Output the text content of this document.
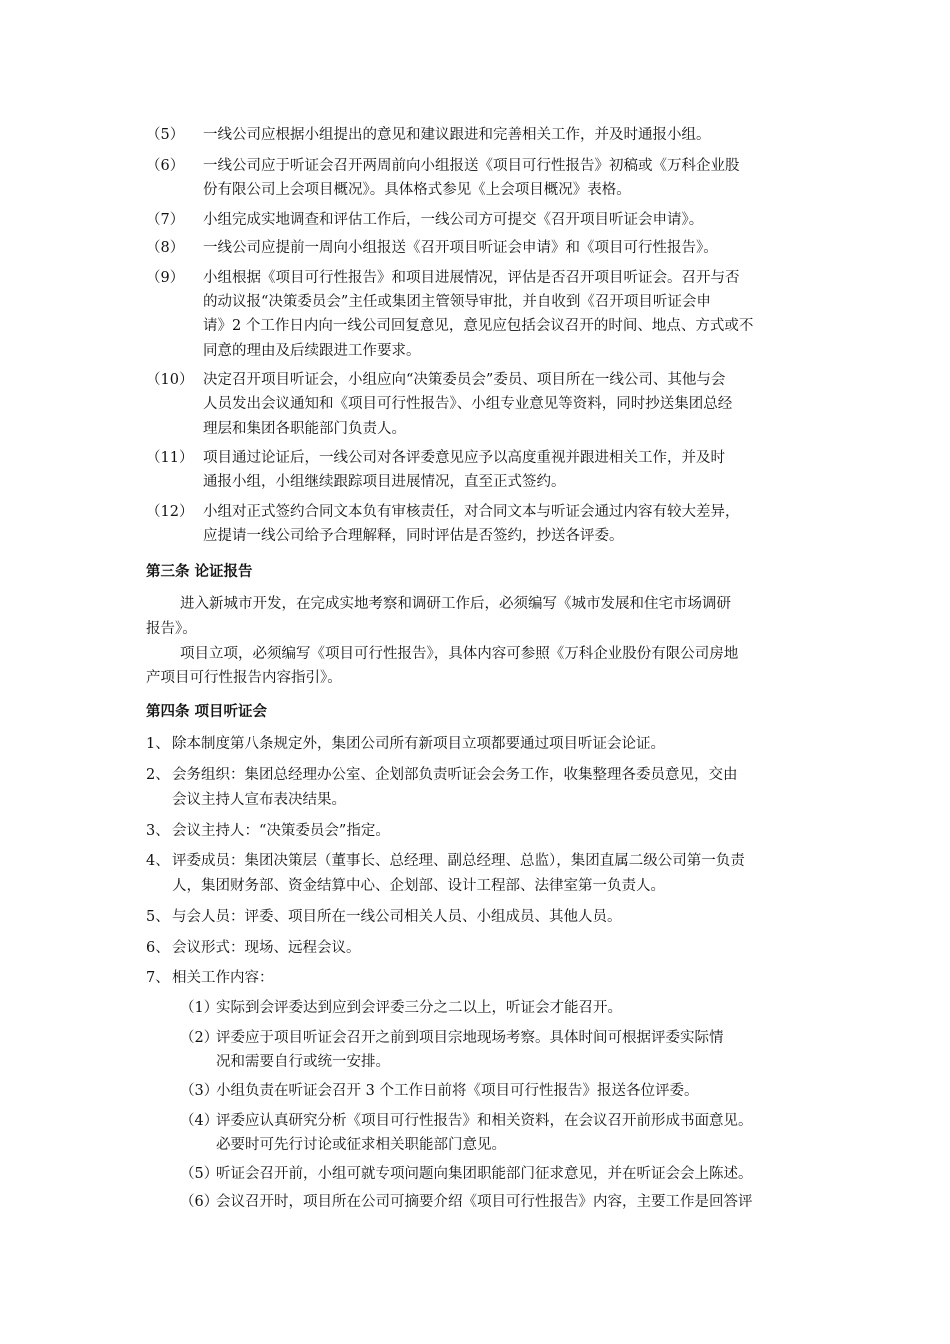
（5） 一线公司应根据小组提出的意见和建议跟进和完善相关工作，并及时通报小组。
（6） 一线公司应于听证会召开两周前向小组报送《项目可行性报告》初稿或《万科企业股
份有限公司上会项目概况》。具体格式参见《上会项目概况》表格。
（7） 小组完成实地调查和评估工作后，一线公司方可提交《召开项目听证会申请》。
（8） 一线公司应提前一周向小组报送《召开项目听证会申请》和《项目可行性报告》。
（9） 小组根据《项目可行性报告》和项目进展情况，评估是否召开项目听证会。召开与否
的动议报“决策委员会”主任或集团主管领导审批，并自收到《召开项目听证会申
请》2 个工作日内向一线公司回复意见，意见应包括会议召开的时间、地点、方式或不
同意的理由及后续跟进工作要求。
（10） 决定召开项目听证会，小组应向“决策委员会”委员、项目所在一线公司、其他与会
人员发出会议通知和《项目可行性报告》、小组专业意见等资料，同时抄送集团总经
理层和集团各职能部门负责人。
（11） 项目通过论证后，一线公司对各评委意见应予以高度重视并跟进相关工作，并及时
通报小组，小组继续跟踪项目进展情况，直至正式签约。
（12） 小组对正式签约合同文本负有审核责任，对合同文本与听证会通过内容有较大差异，
应提请一线公司给予合理解释，同时评估是否签约，抄送各评委。
第三条 论证报告
进入新城市开发，在完成实地考察和调研工作后，必须编写《城市发展和住宅市场调研
报告》。
项目立项，必须编写《项目可行性报告》，具体内容可参照《万科企业股份有限公司房地
产项目可行性报告内容指引》。
第四条 项目听证会
1、 除本制度第八条规定外，集团公司所有新项目立项都要通过项目听证会论证。
2、 会务组织：集团总经理办公室、企划部负责听证会会务工作，收集整理各委员意见，交由
会议主持人宣布表决结果。
3、 会议主持人：“决策委员会”指定。
4、 评委成员：集团决策层（董事长、总经理、副总经理、总监），集团直属二级公司第一负责
人，集团财务部、资金结算中心、企划部、设计工程部、法律室第一负责人。
5、 与会人员：评委、项目所在一线公司相关人员、小组成员、其他人员。
6、 会议形式：现场、远程会议。
7、 相关工作内容：
（1）
实际到会评委达到应到会评委三分之二以上，听证会才能召开。
（2）
评委应于项目听证会召开之前到项目宗地现场考察。具体时间可根据评委实际情
况和需要自行或统一安排。
（3）
小组负责在听证会召开 3 个工作日前将《项目可行性报告》报送各位评委。
（4）
评委应认真研究分析《项目可行性报告》和相关资料，在会议召开前形成书面意见。
必要时可先行讨论或征求相关职能部门意见。
（5）
听证会召开前，小组可就专项问题向集团职能部门征求意见，并在听证会会上陈述。
（6）
会议召开时，项目所在公司可摘要介绍《项目可行性报告》内容，主要工作是回答评
